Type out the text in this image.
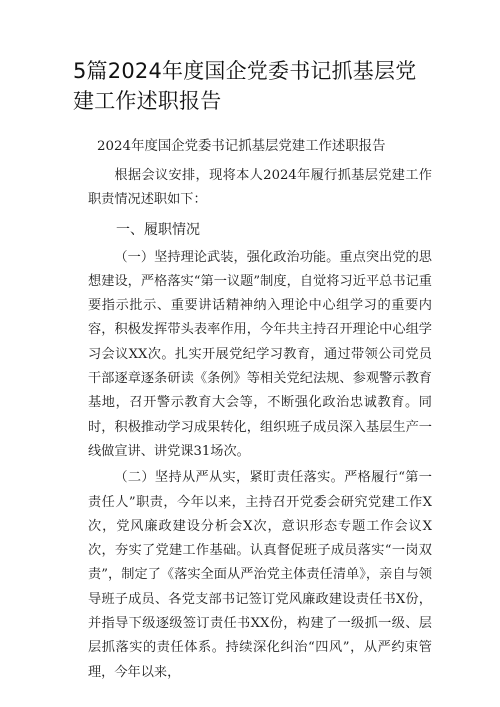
5篇2024年度国企党委书记抓基层党建工作述职报告

2024年度国企党委书记抓基层党建工作述职报告

根据会议安排，现将本人2024年履行抓基层党建工作职责情况述职如下：

一、履职情况

（一）坚持理论武装，强化政治功能。重点突出党的思想建设，严格落实“第一议题”制度，自觉将习近平总书记重要指示批示、重要讲话精神纳入理论中心组学习的重要内容，积极发挥带头表率作用，今年共主持召开理论中心组学习会议XX次。扎实开展党纪学习教育，通过带领公司党员干部逐章逐条研读《条例》等相关党纪法规、参观警示教育基地，召开警示教育大会等，不断强化政治忠诚教育。同时，积极推动学习成果转化，组织班子成员深入基层生产一线做宣讲、讲党课31场次。

（二）坚持从严从实，紧盯责任落实。严格履行“第一责任人”职责，今年以来，主持召开党委会研究党建工作X次，党风廉政建设分析会X次，意识形态专题工作会议X次，夯实了党建工作基础。认真督促班子成员落实“一岗双责”，制定了《落实全面从严治党主体责任清单》，亲自与领导班子成员、各党支部书记签订党风廉政建设责任书X份，并指导下级逐级签订责任书XX份，构建了一级抓一级、层层抓落实的责任体系。持续深化纠治“四风”，从严约束管理，今年以来，
